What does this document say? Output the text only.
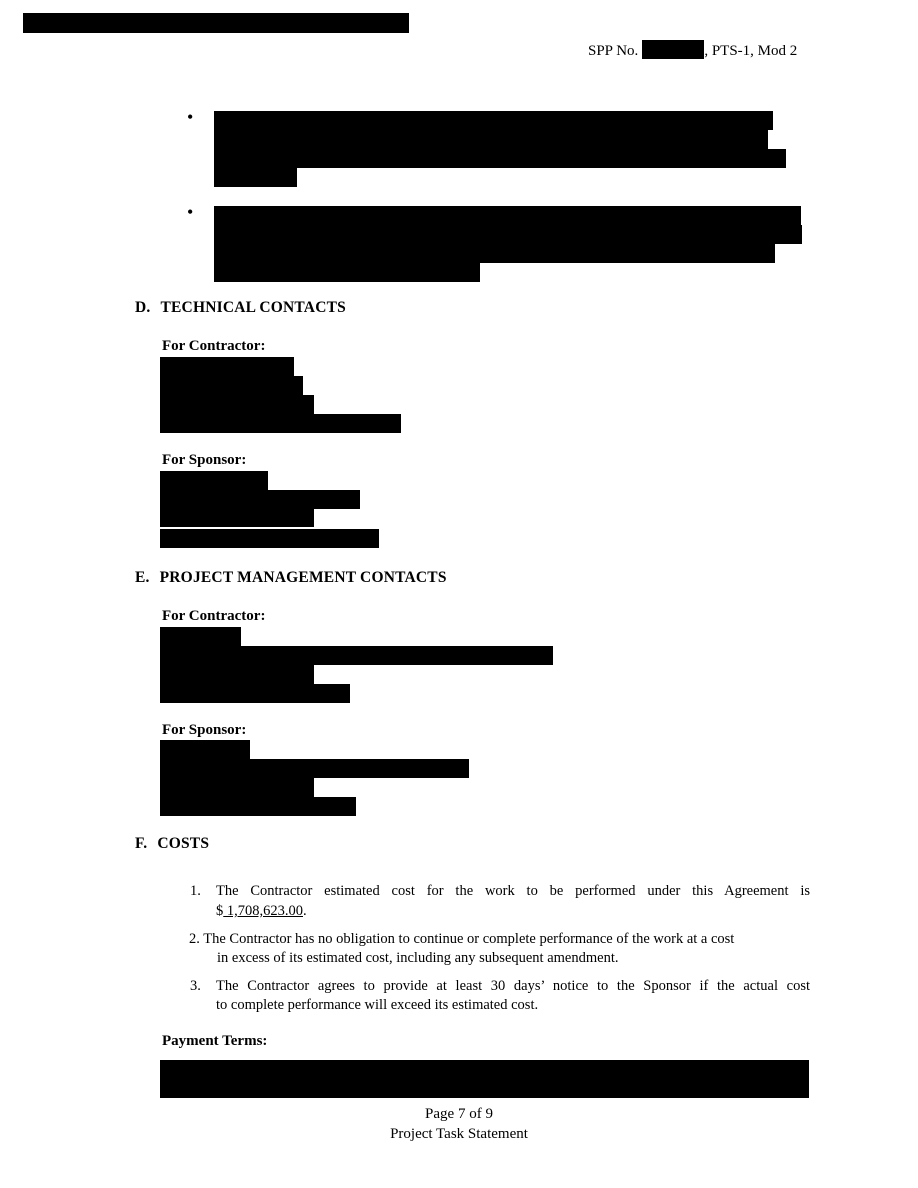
SPP No.	, PTS-1, Mod 2
•
•
D. TECHNICAL CONTACTS
For Contractor:
For Sponsor:
E. PROJECT MANAGEMENT CONTACTS
For Contractor:
For Sponsor:
F. COSTS
1. The Contractor estimated cost for the work to be performed under this Agreement is
$ 1,708,623.00.
2. The Contractor has no obligation to continue or complete performance of the work at a cost
in excess of its estimated cost, including any subsequent amendment.
3. The Contractor agrees to provide at least 30 days’ notice to the Sponsor if the actual cost
to complete performance will exceed its estimated cost.
Payment Terms:
Page 7 of 9
Project Task Statement
